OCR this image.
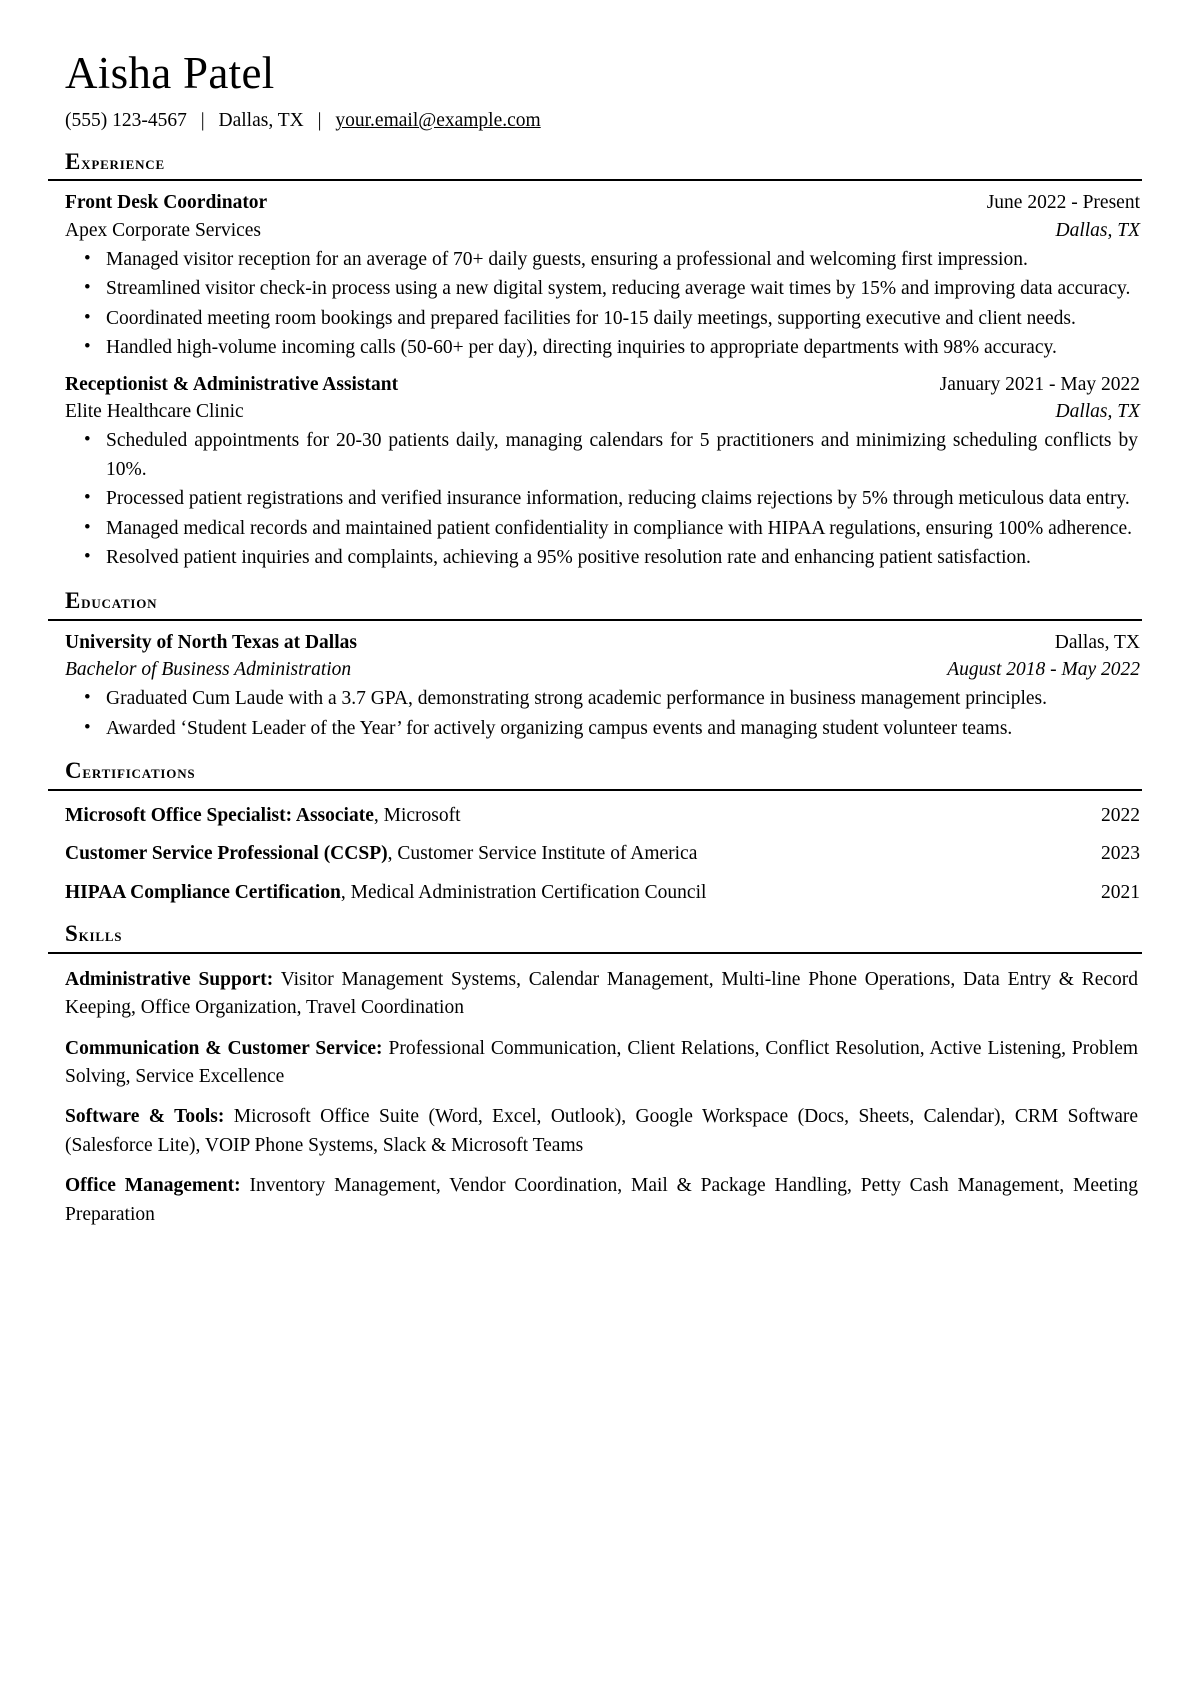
Aisha Patel
(555) 123-4567 | Dallas, TX | your.email@example.com
Experience
Front Desk Coordinator	June 2022 - Present
Apex Corporate Services	Dallas, TX
• Managed visitor reception for an average of 70+ daily guests, ensuring a professional and welcoming first impression.
• Streamlined visitor check-in process using a new digital system, reducing average wait times by 15% and improving data accuracy.
• Coordinated meeting room bookings and prepared facilities for 10-15 daily meetings, supporting executive and client needs.
• Handled high-volume incoming calls (50-60+ per day), directing inquiries to appropriate departments with 98% accuracy.
Receptionist & Administrative Assistant	January 2021 - May 2022
Elite Healthcare Clinic	Dallas, TX
• Scheduled appointments for 20-30 patients daily, managing calendars for 5 practitioners and minimizing scheduling conflicts by 10%.
• Processed patient registrations and verified insurance information, reducing claims rejections by 5% through meticulous data entry.
• Managed medical records and maintained patient confidentiality in compliance with HIPAA regulations, ensuring 100% adherence.
• Resolved patient inquiries and complaints, achieving a 95% positive resolution rate and enhancing patient satisfaction.
Education
University of North Texas at Dallas	Dallas, TX
Bachelor of Business Administration	August 2018 - May 2022
• Graduated Cum Laude with a 3.7 GPA, demonstrating strong academic performance in business management principles.
• Awarded ‘Student Leader of the Year’ for actively organizing campus events and managing student volunteer teams.
Certifications
Microsoft Office Specialist: Associate, Microsoft	2022
Customer Service Professional (CCSP), Customer Service Institute of America	2023
HIPAA Compliance Certification, Medical Administration Certification Council	2021
Skills
Administrative Support: Visitor Management Systems, Calendar Management, Multi-line Phone Operations, Data Entry & Record Keeping, Office Organization, Travel Coordination
Communication & Customer Service: Professional Communication, Client Relations, Conflict Resolution, Active Listening, Problem Solving, Service Excellence
Software & Tools: Microsoft Office Suite (Word, Excel, Outlook), Google Workspace (Docs, Sheets, Calendar), CRM Software (Salesforce Lite), VOIP Phone Systems, Slack & Microsoft Teams
Office Management: Inventory Management, Vendor Coordination, Mail & Package Handling, Petty Cash Management, Meeting Preparation
